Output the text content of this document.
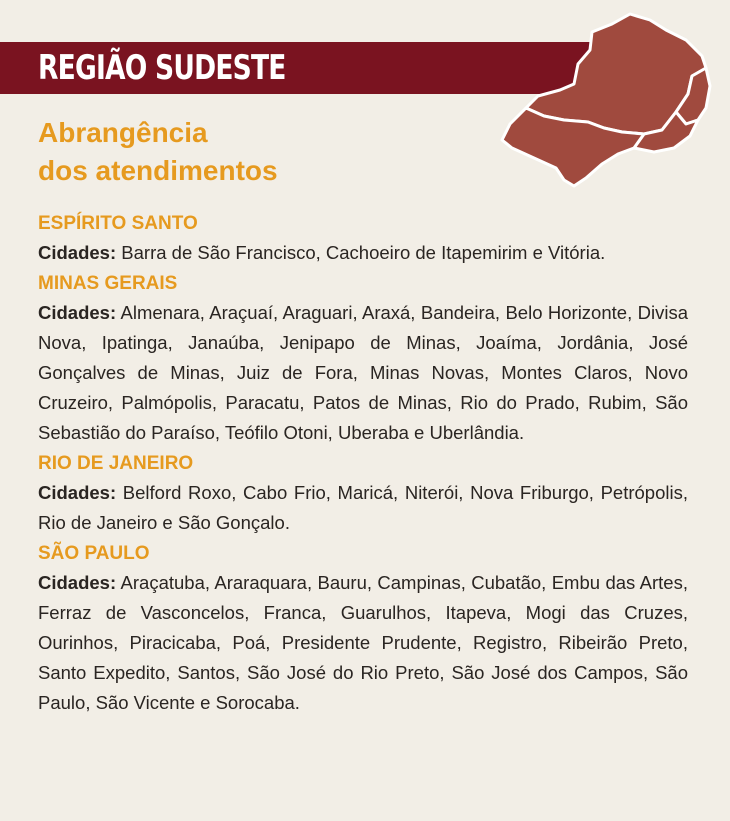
REGIÃO SUDESTE
Abrangência
dos atendimentos
ESPÍRITO SANTO

Cidades: Barra de São Francisco, Cachoeiro de Itapemirim e Vitória.

MINAS GERAIS

Cidades: Almenara, Araçuaí, Araguari, Araxá, Bandeira, Belo Horizonte, Divisa Nova, Ipatinga, Janaúba, Jenipapo de Minas, Joaíma, Jordânia, José Gonçalves de Minas, Juiz de Fora, Minas Novas, Montes Claros, Novo Cruzeiro, Palmópolis, Paracatu, Patos de Minas, Rio do Prado, Rubim, São Sebastião do Paraíso, Teófilo Otoni, Uberaba e Uberlândia.

RIO DE JANEIRO

Cidades: Belford Roxo, Cabo Frio, Maricá, Niterói, Nova Friburgo, Petrópolis, Rio de Janeiro e São Gonçalo.

SÃO PAULO

Cidades: Araçatuba, Araraquara, Bauru, Campinas, Cubatão, Embu das Artes, Ferraz de Vasconcelos, Franca, Guarulhos, Itapeva, Mogi das Cruzes, Ourinhos, Piracicaba, Poá, Presidente Prudente, Registro, Ribeirão Preto, Santo Expedito, Santos, São José do Rio Preto, São José dos Campos, São Paulo, São Vicente e Sorocaba.
